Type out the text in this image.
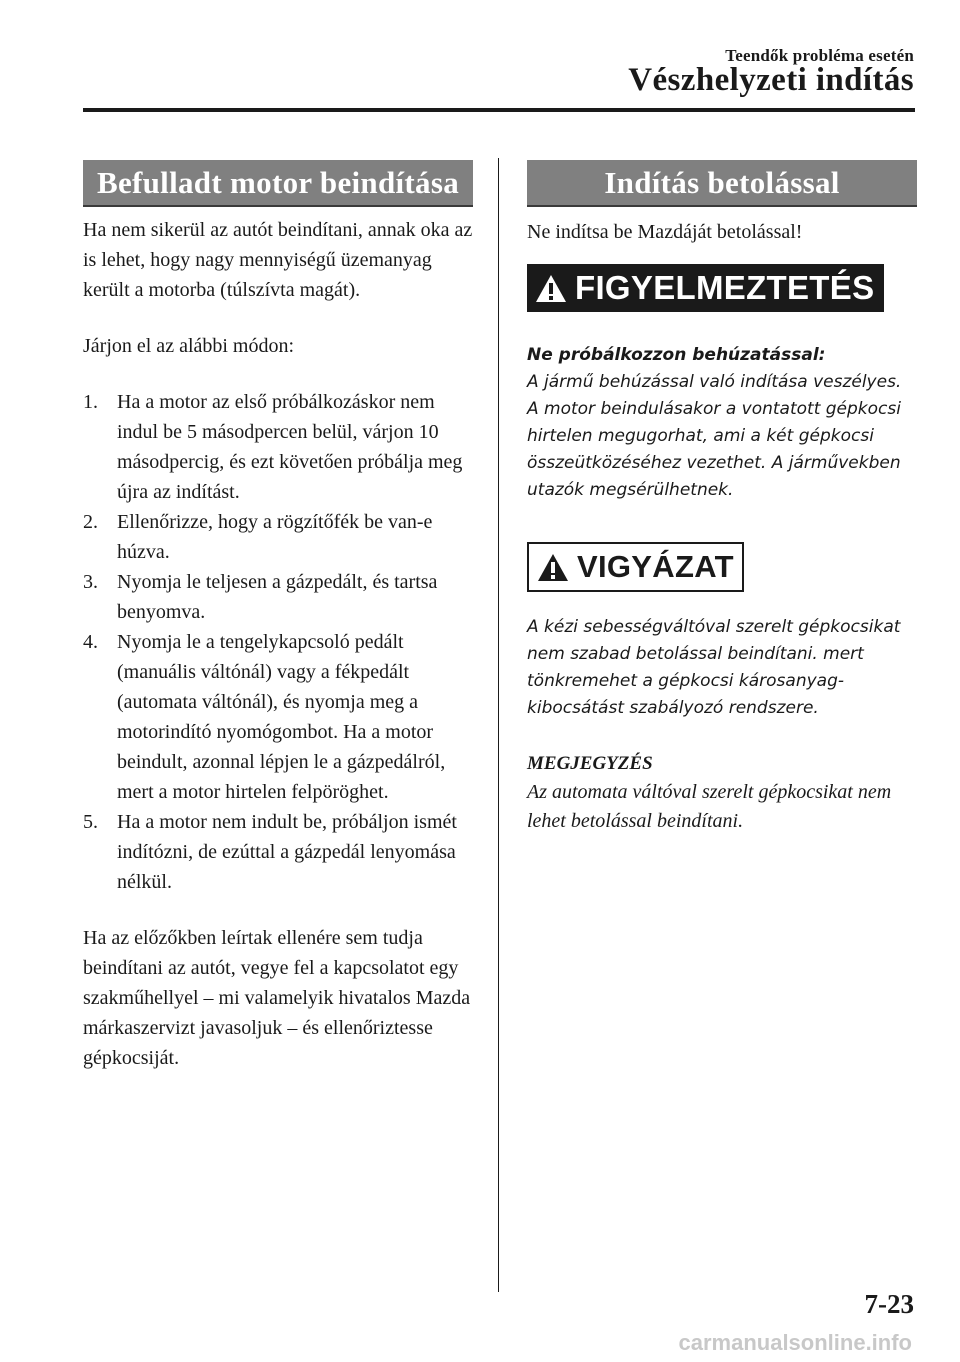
Teendők probléma esetén
Vészhelyzeti indítás
Befulladt motor beindítása

Ha nem sikerül az autót beindítani, annak oka az is lehet, hogy nagy mennyiségű üzemanyag került a motorba (túlszívta magát).

Járjon el az alábbi módon:

1. Ha a motor az első próbálkozáskor nem indul be 5 másodpercen belül, várjon 10 másodpercig, és ezt követően próbálja meg újra az indítást.
2. Ellenőrizze, hogy a rögzítőfék be van-e húzva.
3. Nyomja le teljesen a gázpedált, és tartsa benyomva.
4. Nyomja le a tengelykapcsoló pedált (manuális váltónál) vagy a fékpedált (automata váltónál), és nyomja meg a motorindító nyomógombot. Ha a motor beindult, azonnal lépjen le a gázpedálról, mert a motor hirtelen felpöröghet.
5. Ha a motor nem indult be, próbáljon ismét indítózni, de ezúttal a gázpedál lenyomása nélkül.

Ha az előzőkben leírtak ellenére sem tudja beindítani az autót, vegye fel a kapcsolatot egy szakműhellyel – mi valamelyik hivatalos Mazda márkaszervizt javasoljuk – és ellenőriztesse gépkocsiját.

Indítás betolással

Ne indítsa be Mazdáját betolással!

FIGYELMEZTETÉS

Ne próbálkozzon behúzatással:

A jármű behúzással való indítása veszélyes. A motor beindulásakor a vontatott gépkocsi hirtelen megugorhat, ami a két gépkocsi összeütközéséhez vezethet. A járművekben utazók megsérülhetnek.

VIGYÁZAT

A kézi sebességváltóval szerelt gépkocsikat nem szabad betolással beindítani. mert tönkremehet a gépkocsi károsanyag-kibocsátást szabályozó rendszere.

MEGJEGYZÉS

Az automata váltóval szerelt gépkocsikat nem lehet betolással beindítani.

7-23
carmanualsonline.info
